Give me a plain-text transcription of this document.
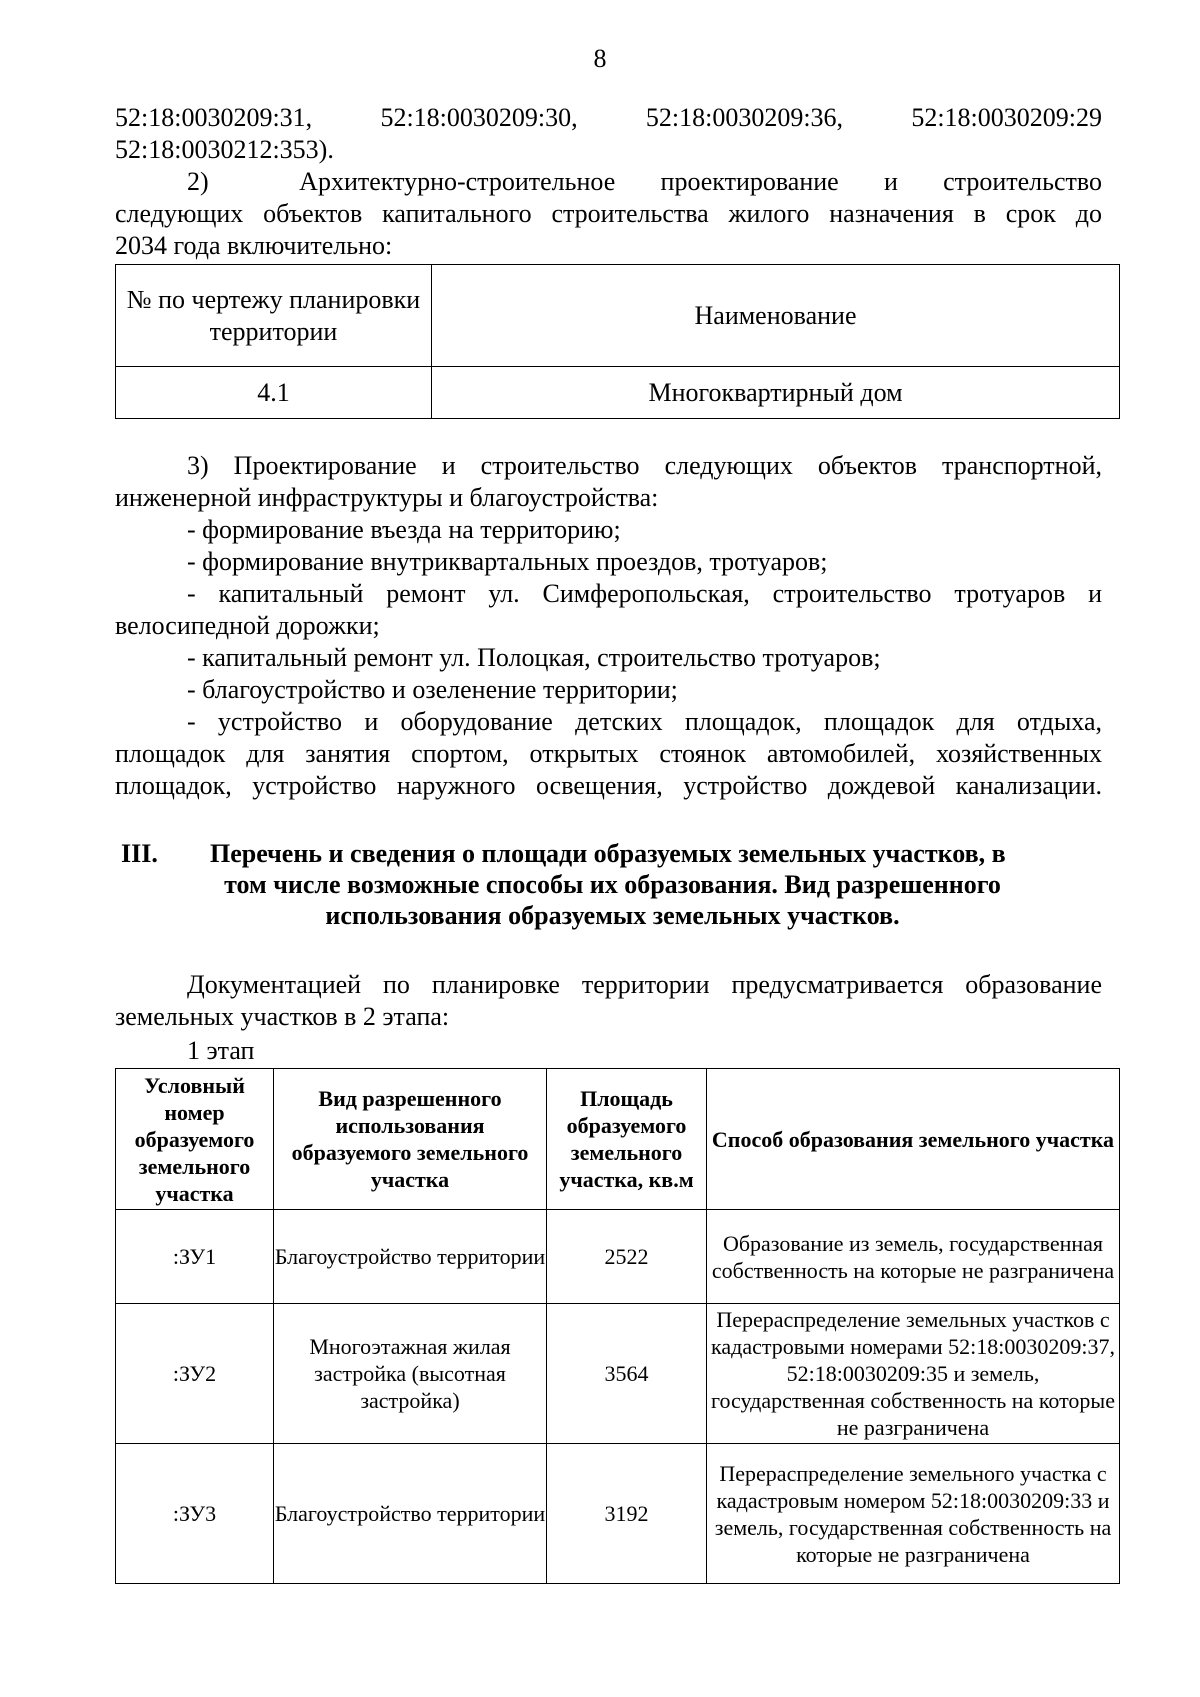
8
52:18:0030209:31,	52:18:0030209:30,	52:18:0030209:36,	52:18:0030209:29
52:18:0030212:353).
2)  Архитектурно-строительное проектирование и строительство
следующих объектов капитального строительства жилого назначения в срок до
2034 года включительно:
№ по чертежу планировки территории	Наименование
4.1	Многоквартирный дом
3) Проектирование и строительство следующих объектов транспортной,
инженерной инфраструктуры и благоустройства:
- формирование въезда на территорию;
- формирование внутриквартальных проездов, тротуаров;
- капитальный ремонт ул. Симферопольская, строительство тротуаров и
велосипедной дорожки;
- капитальный ремонт ул. Полоцкая, строительство тротуаров;
- благоустройство и озеленение территории;
- устройство и оборудование детских площадок, площадок для отдыха,
площадок для занятия спортом, открытых стоянок автомобилей, хозяйственных
площадок, устройство наружного освещения, устройство дождевой канализации.
III. Перечень и сведения о площади образуемых земельных участков, в
том числе возможные способы их образования. Вид разрешенного
использования образуемых земельных участков.
Документацией по планировке территории предусматривается образование
земельных участков в 2 этапа:
1 этап
Условный номер образуемого земельного участка	Вид разрешенного использования образуемого земельного участка	Площадь образуемого земельного участка, кв.м	Способ образования земельного участка
:ЗУ1	Благоустройство территории	2522	Образование из земель, государственная собственность на которые не разграничена
:ЗУ2	Многоэтажная жилая застройка (высотная застройка)	3564	Перераспределение земельных участков с кадастровыми номерами 52:18:0030209:37, 52:18:0030209:35 и земель, государственная собственность на которые не разграничена
:ЗУ3	Благоустройство территории	3192	Перераспределение земельного участка с кадастровым номером 52:18:0030209:33 и земель, государственная собственность на которые не разграничена
